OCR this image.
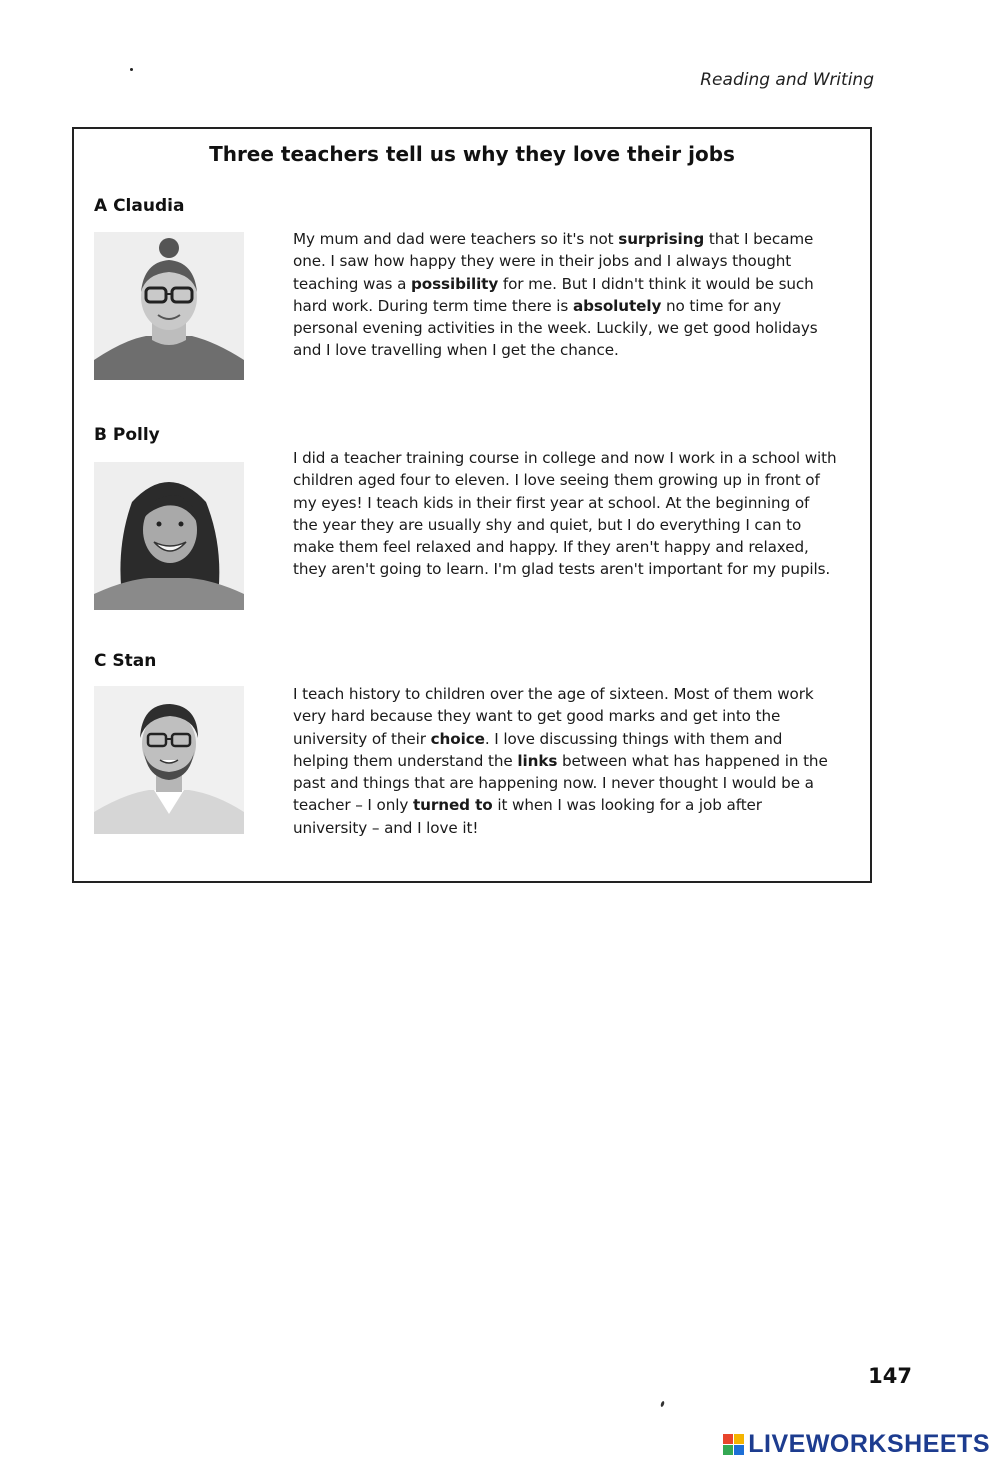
Reading and Writing
Three teachers tell us why they love their jobs
A Claudia
My mum and dad were teachers so it's not surprising that I became one. I saw how happy they were in their jobs and I always thought teaching was a possibility for me. But I didn't think it would be such hard work. During term time there is absolutely no time for any personal evening activities in the week. Luckily, we get good holidays and I love travelling when I get the chance.
B Polly
I did a teacher training course in college and now I work in a school with children aged four to eleven. I love seeing them growing up in front of my eyes! I teach kids in their first year at school. At the beginning of the year they are usually shy and quiet, but I do everything I can to make them feel relaxed and happy. If they aren't happy and relaxed, they aren't going to learn. I'm glad tests aren't important for my pupils.
C Stan
I teach history to children over the age of sixteen. Most of them work very hard because they want to get good marks and get into the university of their choice. I love discussing things with them and helping them understand the links between what has happened in the past and things that are happening now. I never thought I would be a teacher – I only turned to it when I was looking for a job after university – and I love it!
147
LIVEWORKSHEETS
